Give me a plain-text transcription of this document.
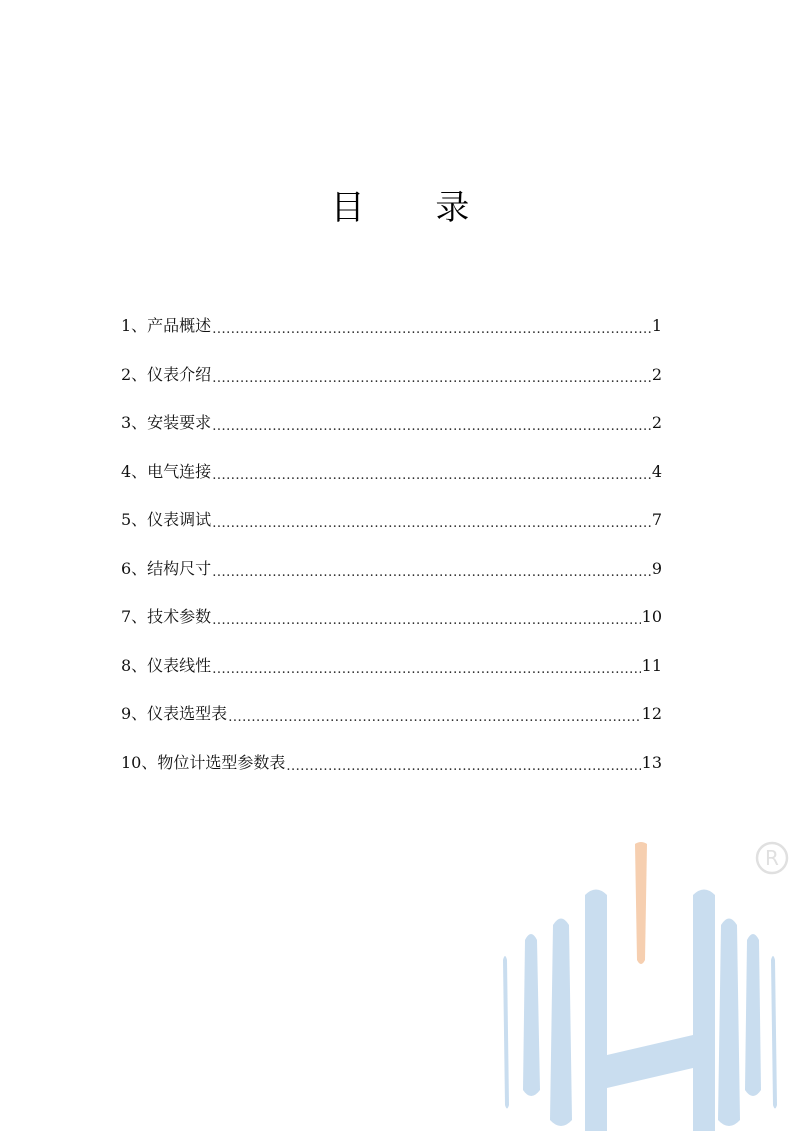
目 录
1、产品概述 .....	1
2、仪表介绍 .....	2
3、安装要求 .....	2
4、电气连接 .....	4
5、仪表调试 .....	7
6、结构尺寸 .....	9
7、技术参数 .....	10
8、仪表线性 .....	11
9、仪表选型表 .....	12
10、物位计选型参数表 .....	13
R
